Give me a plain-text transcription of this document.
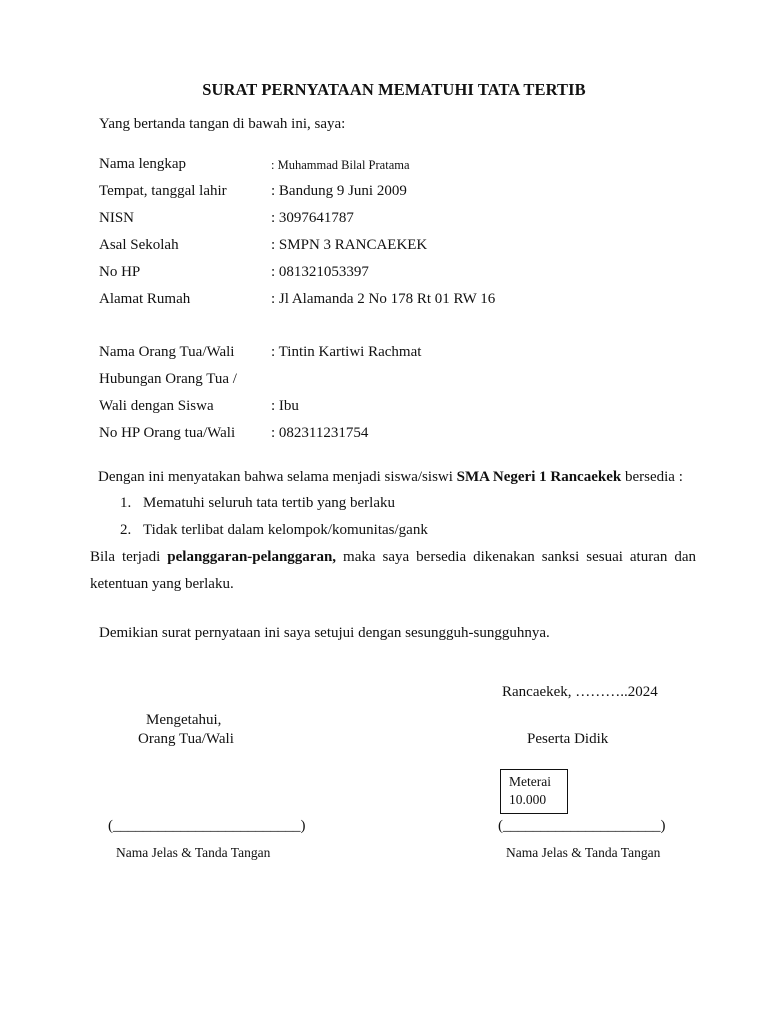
SURAT PERNYATAAN MEMATUHI TATA TERTIB
Yang bertanda tangan di bawah ini, saya:
Nama lengkap	: Muhammad Bilal Pratama
Tempat, tanggal lahir	: Bandung 9 Juni 2009
NISN	: 3097641787
Asal Sekolah	: SMPN 3 RANCAEKEK
No HP	: 081321053397
Alamat Rumah	: Jl Alamanda 2 No 178 Rt 01 RW 16
Nama Orang Tua/Wali : Tintin Kartiwi Rachmat
Hubungan Orang Tua /
Wali dengan Siswa	: Ibu
No HP Orang tua/Wali : 082311231754
Dengan ini menyatakan bahwa selama menjadi siswa/siswi SMA Negeri 1 Rancaekek bersedia :
1. Mematuhi seluruh tata tertib yang berlaku
2. Tidak terlibat dalam kelompok/komunitas/gank
Bila terjadi pelanggaran-pelanggaran, maka saya bersedia dikenakan sanksi sesuai aturan dan
ketentuan yang berlaku.
Demikian surat pernyataan ini saya setujui dengan sesungguh-sungguhnya.
Rancaekek, ………..2024
Mengetahui,
Orang Tua/Wali	Peserta Didik
Meterai
10.000
(_________________________)	(_____________________)
Nama Jelas & Tanda Tangan	Nama Jelas & Tanda Tangan
